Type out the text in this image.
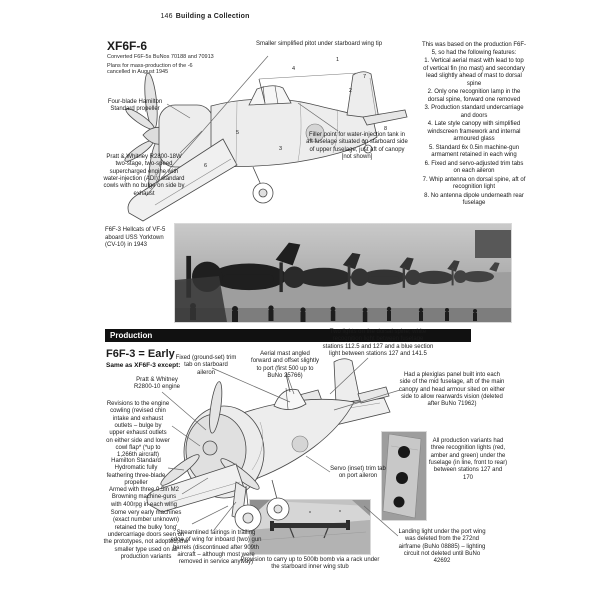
146 Building a Collection
XF6F-6
Converted F6F-5s BuNos 70188 and 70913
Plans for mass-production of the -6 cancelled in August 1945
Smaller simplified pitot under starboard wing tip
Four-blade Hamilton Standard propeller
Pratt & Whitney R2800-18W two-stage, two-speed supercharged engine with water-injection (ADI); standard cowls with no bulge on side by exhaust
Filler point for water-injection tank in aft fuselage situated on starboard side of upper fuselage, just aft of canopy [not shown]
This was based on the production F6F-5, so had the following features:
1. Vertical aerial mast with lead to top of vertical fin (no mast) and secondary lead slightly ahead of mast to dorsal spine
2. Only one recognition lamp in the dorsal spine, forward one removed
3. Production standard undercarriage and doors
4. Late style canopy with simplified windscreen framework and internal armoured glass
5. Standard 6x 0.5in machine-gun armament retained in each wing
6. Fixed and servo-adjusted trim tabs on each aileron
7. Whip antenna on dorsal spine, aft of recognition light
8. No antenna dipole underneath rear fuselage
1
2
3
4
5
6
7
8
F6F-3 Hellcats of VF-5 aboard USS Yorktown (CV-10) in 1943
Production
F6F-3 = Early
Same as XF6F-3 except:
Fixed (ground-set) trim tab on starboard aileron
Aerial mast angled forward and offset slightly to port (first 500 up to BuNo 25766)
Two lights on the dorsal spine; white recognition light between fuselage stations 112.5 and 127 and a blue section light between stations 127 and 141.5
Had a plexiglas panel built into each side of the mid fuselage, aft of the main canopy and head armour sited on either side to allow rearwards vision (deleted after BuNo 71962)
Pratt & Whitney R2800-10 engine
Revisions to the engine cowling (revised chin intake and exhaust outlets – bulge by upper exhaust outlets on either side and lower cowl flap* (*up to 1,266th aircraft)
Hamilton Standard Hydromatic fully feathering three-blade propeller
Armed with three 0.5in M2 Browning machine-guns with 400rpg in each wing
Some very early machines (exact number unknown) retained the bulky 'long' undercarriage doors seen on the prototypes, not adopted; the smaller type used on all production variants
Streamlined fairings in trailing edge of wing for inboard (two) gun barrels (discontinued after 909th aircraft – although most were removed in service anyway)
Servo (inset) trim tab on port aileron
All production variants had three recognition lights (red, amber and green) under the fuselage (in line, front to rear) between stations 127 and 170
Landing light under the port wing was deleted from the 272nd airframe (BuNo 08885) – lighting circuit not deleted until BuNo 42692
Provision to carry up to 500lb bomb via a rack under the starboard inner wing stub
